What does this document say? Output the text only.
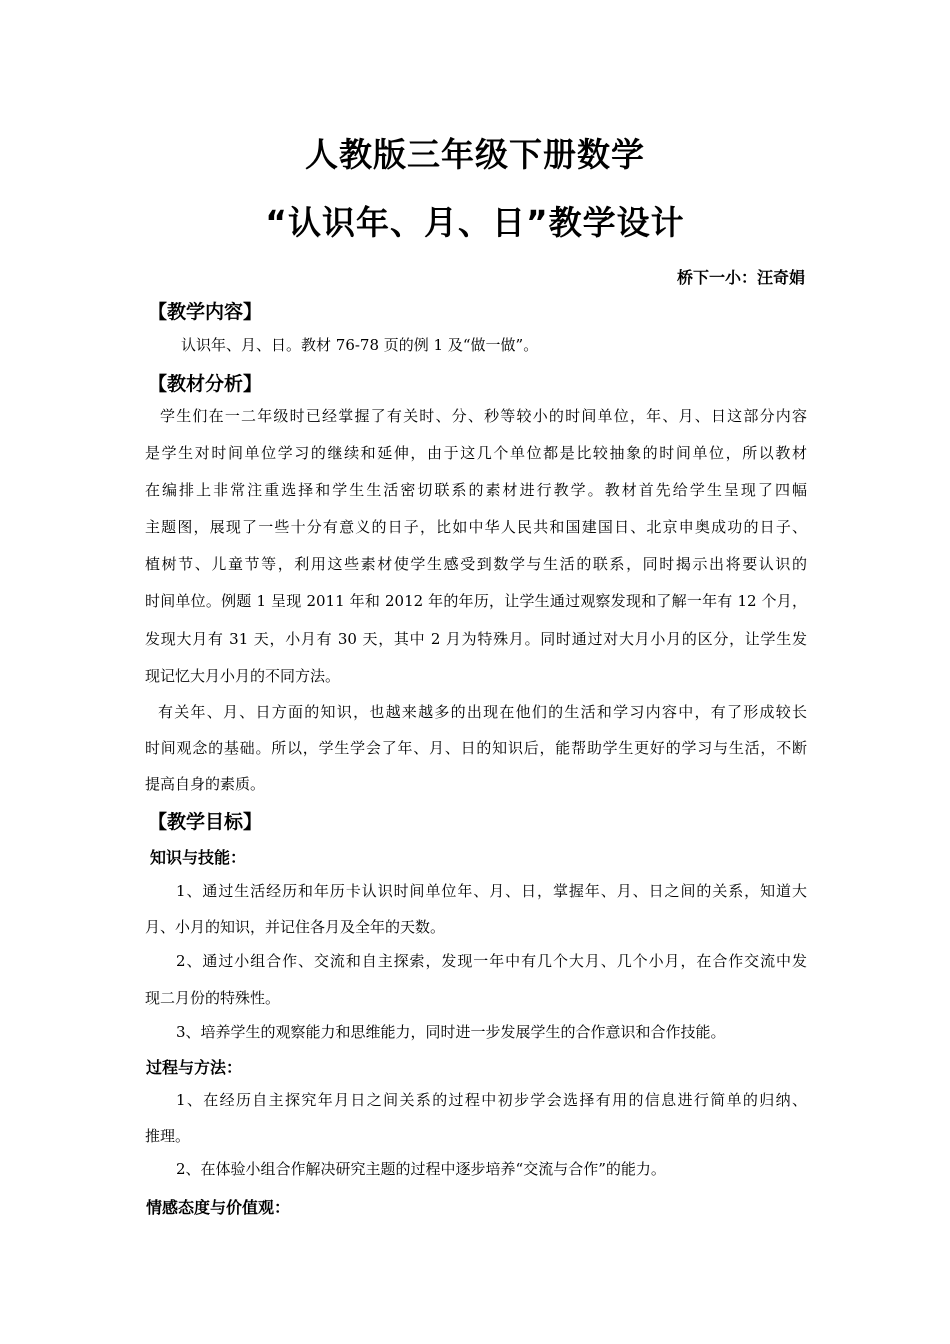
人教版三年级下册数学
“认识年、月、日”教学设计
桥下一小：汪奇娟
【教学内容】
认识年、月、日。教材 76-78 页的例 1 及“做一做”。
【教材分析】
学生们在一二年级时已经掌握了有关时、分、秒等较小的时间单位，年、月、日这部分内容
是学生对时间单位学习的继续和延伸，由于这几个单位都是比较抽象的时间单位，所以教材
在编排上非常注重选择和学生生活密切联系的素材进行教学。教材首先给学生呈现了四幅
主题图，展现了一些十分有意义的日子，比如中华人民共和国建国日、北京申奥成功的日子、
植树节、儿童节等，利用这些素材使学生感受到数学与生活的联系，同时揭示出将要认识的
时间单位。例题 1 呈现 2011 年和 2012 年的年历，让学生通过观察发现和了解一年有 12 个月，
发现大月有 31 天，小月有 30 天，其中 2 月为特殊月。同时通过对大月小月的区分，让学生发
现记忆大月小月的不同方法。
有关年、月、日方面的知识，也越来越多的出现在他们的生活和学习内容中，有了形成较长
时间观念的基础。所以，学生学会了年、月、日的知识后，能帮助学生更好的学习与生活，不断
提高自身的素质。
【教学目标】
知识与技能：
1、通过生活经历和年历卡认识时间单位年、月、日，掌握年、月、日之间的关系，知道大
月、小月的知识，并记住各月及全年的天数。
2、通过小组合作、交流和自主探索，发现一年中有几个大月、几个小月，在合作交流中发
现二月份的特殊性。
3、培养学生的观察能力和思维能力，同时进一步发展学生的合作意识和合作技能。
过程与方法：
1、在经历自主探究年月日之间关系的过程中初步学会选择有用的信息进行简单的归纳、
推理。
2、在体验小组合作解决研究主题的过程中逐步培养“交流与合作”的能力。
情感态度与价值观：
